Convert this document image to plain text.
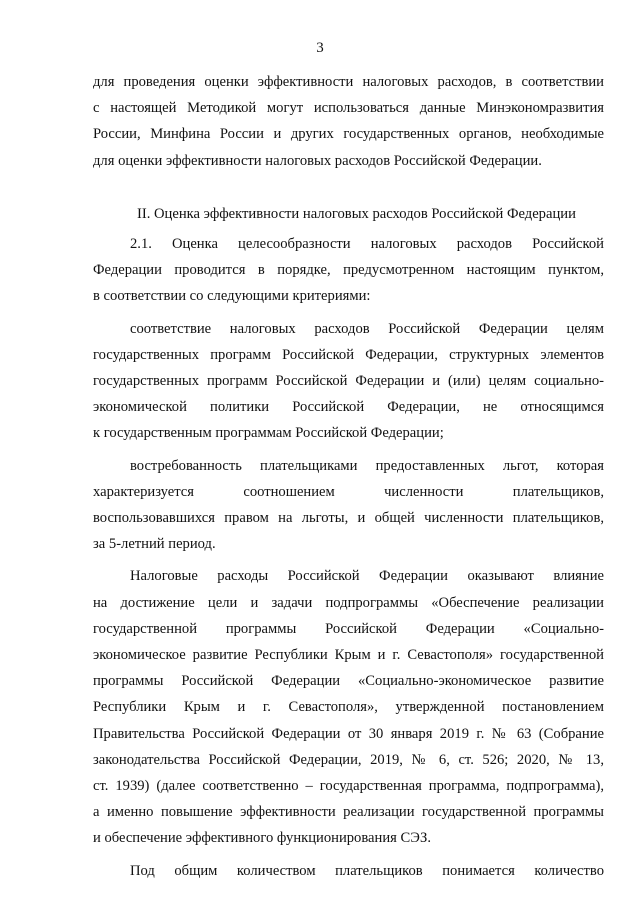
3

для проведения оценки эффективности налоговых расходов, в соответствии
с настоящей Методикой могут использоваться данные Минэкономразвития
России, Минфина России и других государственных органов, необходимые
для оценки эффективности налоговых расходов Российской Федерации.

II. Оценка эффективности налоговых расходов Российской Федерации

2.1. Оценка целесообразности налоговых расходов Российской
Федерации проводится в порядке, предусмотренном настоящим пунктом,
в соответствии со следующими критериями:

соответствие налоговых расходов Российской Федерации целям
государственных программ Российской Федерации, структурных элементов
государственных программ Российской Федерации и (или) целям социально-
экономической политики Российской Федерации, не относящимся
к государственным программам Российской Федерации;

востребованность плательщиками предоставленных льгот, которая
характеризуется соотношением численности плательщиков,
воспользовавшихся правом на льготы, и общей численности плательщиков,
за 5-летний период.

Налоговые расходы Российской Федерации оказывают влияние
на достижение цели и задачи подпрограммы «Обеспечение реализации
государственной программы Российской Федерации «Социально-
экономическое развитие Республики Крым и г. Севастополя» государственной
программы Российской Федерации «Социально-экономическое развитие
Республики Крым и г. Севастополя», утвержденной постановлением
Правительства Российской Федерации от 30 января 2019 г. № 63 (Собрание
законодательства Российской Федерации, 2019, № 6, ст. 526; 2020, № 13,
ст. 1939) (далее соответственно – государственная программа, подпрограмма),
а именно повышение эффективности реализации государственной программы
и обеспечение эффективного функционирования СЭЗ.

Под общим количеством плательщиков понимается количество
